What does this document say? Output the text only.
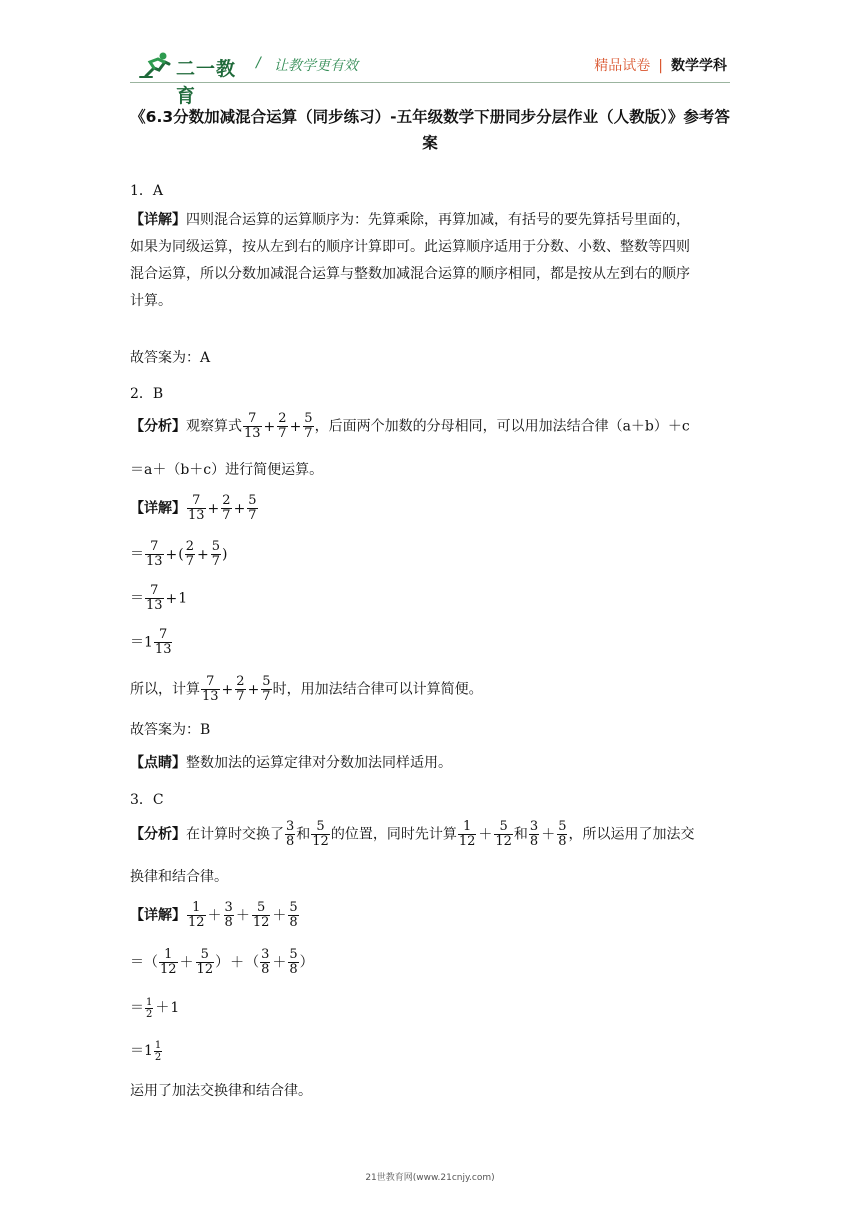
二一教育
/ 让教学更有效	精品试卷 | 数学学科
《6.3分数加减混合运算（同步练习）-五年级数学下册同步分层作业（人教版）》参考答
案
1．A
【详解】四则混合运算的运算顺序为：先算乘除，再算加减，有括号的要先算括号里面的，
如果为同级运算，按从左到右的顺序计算即可。此运算顺序适用于分数、小数、整数等四则
混合运算，所以分数加减混合运算与整数加减混合运算的顺序相同，都是按从左到右的顺序
计算。
故答案为：A
2．B
【分析】观察算式 $\frac{7}{13} + \frac{2}{7} + \frac{5}{7}$ ，后面两个加数的分母相同，可以用加法结合律（a＋b）＋c
＝a＋（b＋c）进行简便运算。
【详解】 $\frac{7}{13} + \frac{2}{7} + \frac{5}{7}$
＝ $\frac{7}{13}$ +( $\frac{2}{7} + \frac{5}{7}$ )
＝ $\frac{7}{13} +1$
$=1 \frac{7}{13}$
所以，计算 $\frac{7}{13} + \frac{2}{7} + \frac{5}{7}$ 时，用加法结合律可以计算简便。
故答案为：B
【点睛】整数加法的运算定律对分数加法同样适用。
3．C
【分析】在计算时交换了 $\frac{3}{8}$ 和 $\frac{5}{12}$ 的位置，同时先计算 $\frac{1}{12} + \frac{5}{12}$ 和 $\frac{3}{8} + \frac{5}{8}$ ，所以运用了加法交
换律和结合律。
【详解】 $\frac{1}{12} + \frac{3}{8} + \frac{5}{12} + \frac{5}{8}$
＝（ $\frac{1}{12} + \frac{5}{12}$ ）＋（ $\frac{3}{8} + \frac{5}{8}$ ）
＝ $\frac{1}{2} +1$
$=1 \frac{1}{2}$
运用了加法交换律和结合律。
21世教育网(www.21cnjy.com)
